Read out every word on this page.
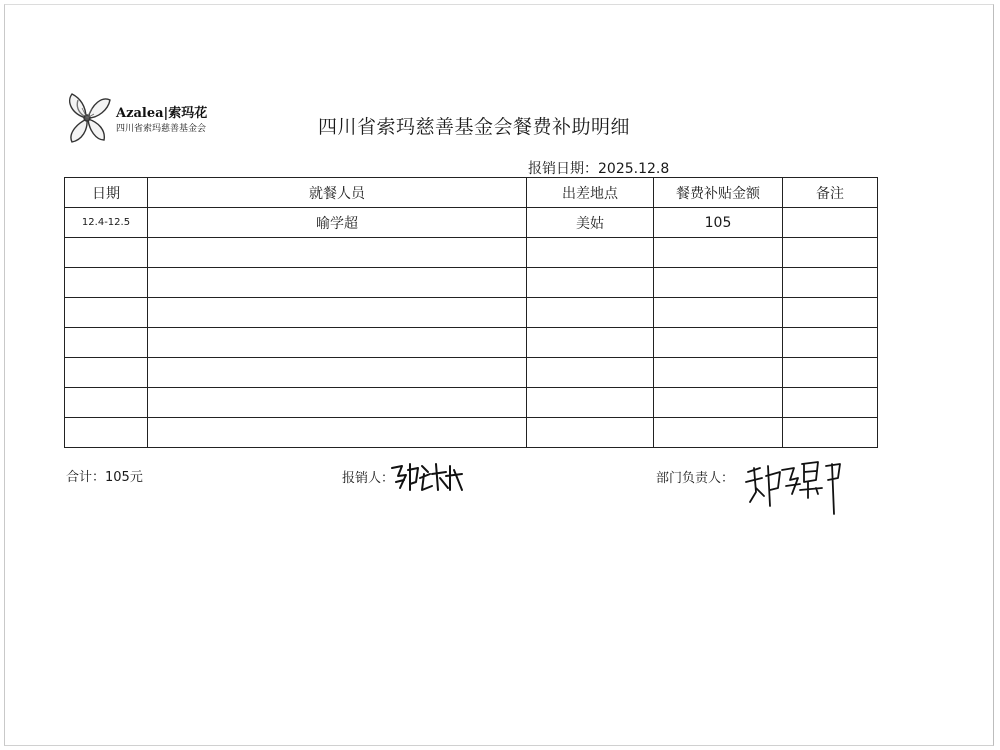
Azalea|索玛花
四川省索玛慈善基金会	四川省索玛慈善基金会餐费补助明细
报销日期：2025.12.8
日期	就餐人员	出差地点	餐费补贴金额	备注
12.4-12.5	喻学超	美姑	105	

合计：105元	报销人：	部门负责人：
